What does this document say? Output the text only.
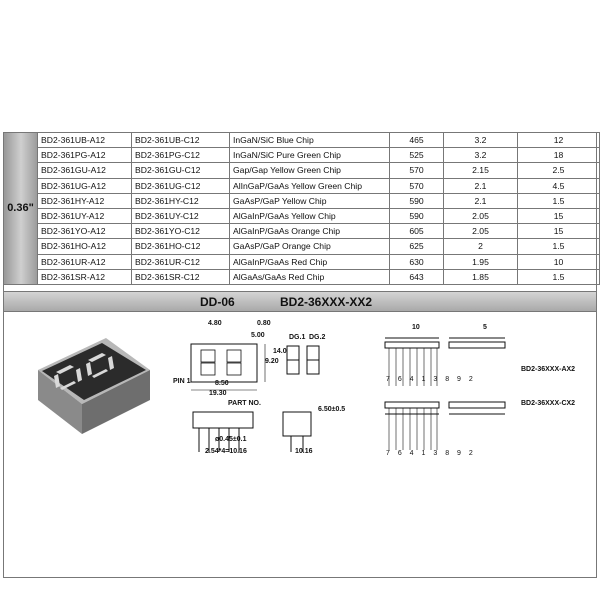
0.36"	BD2-361UB-A12	BD2-361UB-C12	InGaN/SiC Blue Chip	465	3.2	12
	BD2-361PG-A12	BD2-361PG-C12	InGaN/SiC Pure Green Chip	525	3.2	18
	BD2-361GU-A12	BD2-361GU-C12	Gap/Gap Yellow Green Chip	570	2.15	2.5
	BD2-361UG-A12	BD2-361UG-C12	AlInGaP/GaAs Yellow Green Chip	570	2.1	4.5
	BD2-361HY-A12	BD2-361HY-C12	GaAsP/GaP Yellow Chip	590	2.1	1.5
	BD2-361UY-A12	BD2-361UY-C12	AlGaInP/GaAs Yellow Chip	590	2.05	15
	BD2-361YO-A12	BD2-361YO-C12	AlGaInP/GaAs Orange Chip	605	2.05	15
	BD2-361HO-A12	BD2-361HO-C12	GaAsP/GaP Orange Chip	625	2	1.5
	BD2-361UR-A12	BD2-361UR-C12	AlGaInP/GaAs Red Chip	630	1.95	10
	BD2-361SR-A12	BD2-361SR-C12	AlGaAs/GaAs Red Chip	643	1.85	1.5
DD-06	BD2-36XXX-XX2
4.80	0.80
5.00
14.0
9.20
8.50
19.30
PIN 1
DG.1 DG.2
PART NO.
6.50±0.5
ø0.45±0.1
2.54*4=10.16	10.16
10	5
7 6 4 1 3 8 9 2
BD2-36XXX-AX2
7 6 4 1 3 8 9 2
BD2-36XXX-CX2
